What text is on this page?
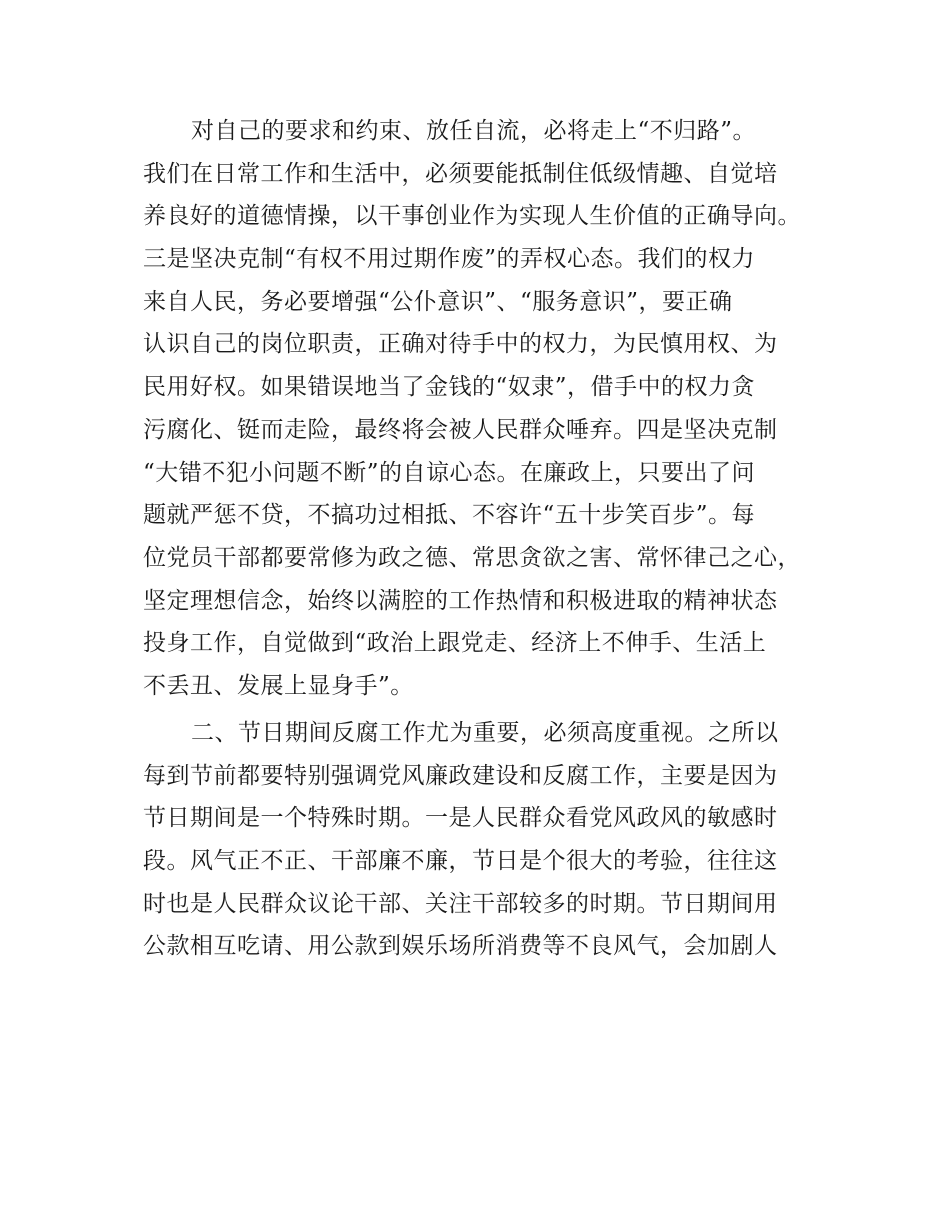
对自己的要求和约束、放任自流，必将走上“不归路”。
我们在日常工作和生活中，必须要能抵制住低级情趣、自觉培
养良好的道德情操，以干事创业作为实现人生价值的正确导向。
三是坚决克制“有权不用过期作废”的弄权心态。我们的权力
来自人民，务必要增强“公仆意识”、“服务意识”，要正确
认识自己的岗位职责，正确对待手中的权力，为民慎用权、为
民用好权。如果错误地当了金钱的“奴隶”，借手中的权力贪
污腐化、铤而走险，最终将会被人民群众唾弃。四是坚决克制
“大错不犯小问题不断”的自谅心态。在廉政上，只要出了问
题就严惩不贷，不搞功过相抵、不容许“五十步笑百步”。每
位党员干部都要常修为政之德、常思贪欲之害、常怀律己之心，
坚定理想信念，始终以满腔的工作热情和积极进取的精神状态
投身工作，自觉做到“政治上跟党走、经济上不伸手、生活上
不丢丑、发展上显身手”。
二、节日期间反腐工作尤为重要，必须高度重视。之所以
每到节前都要特别强调党风廉政建设和反腐工作，主要是因为
节日期间是一个特殊时期。一是人民群众看党风政风的敏感时
段。风气正不正、干部廉不廉，节日是个很大的考验，往往这
时也是人民群众议论干部、关注干部较多的时期。节日期间用
公款相互吃请、用公款到娱乐场所消费等不良风气，会加剧人
